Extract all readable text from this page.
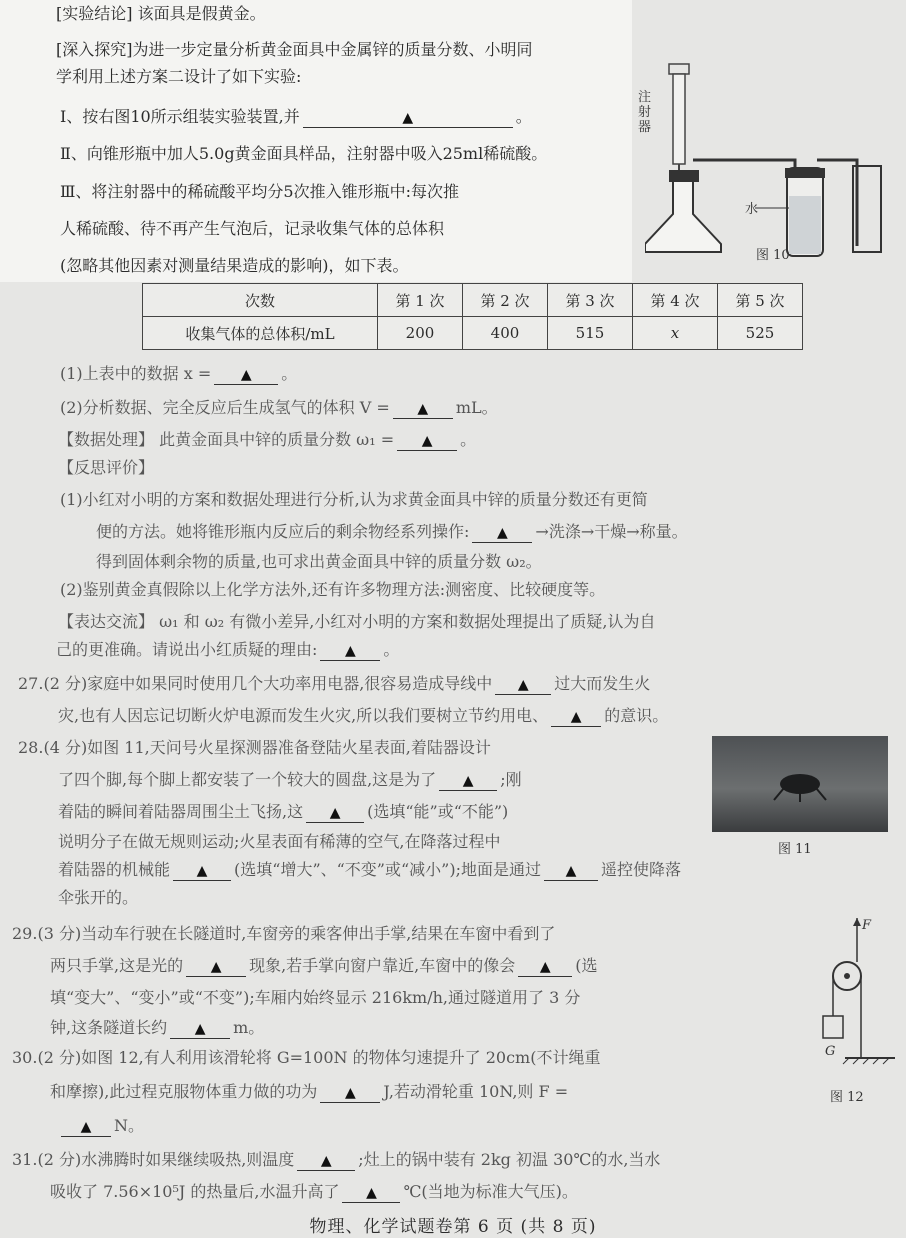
[实验结论] 该面具是假黄金。
[深入探究]为进一步定量分析黄金面具中金属锌的质量分数、小明同
学利用上述方案二设计了如下实验:
Ⅰ、按右图10所示组装实验装置,并	▲	。
Ⅱ、向锥形瓶中加人5.0g黄金面具样品，注射器中吸入25ml稀硫酸。
Ⅲ、将注射器中的稀硫酸平均分5次推入锥形瓶中:每次推
人稀硫酸、待不再产生气泡后，记录收集气体的总体积
(忽略其他因素对测量结果造成的影响)，如下表。
注射器
水
图 10
次数	第 1 次	第 2 次	第 3 次	第 4 次	第 5 次
收集气体的总体积/mL	200	400	515	x	525
(1)上表中的数据 x = ▲ 。
(2)分析数据、完全反应后生成氢气的体积 V = ▲ mL。
【数据处理】 此黄金面具中锌的质量分数 ω₁ = ▲ 。
【反思评价】
(1)小红对小明的方案和数据处理进行分析,认为求黄金面具中锌的质量分数还有更简
便的方法。她将锥形瓶内反应后的剩余物经系列操作: ▲ →洗涤→干燥→称量。
得到固体剩余物的质量,也可求出黄金面具中锌的质量分数 ω₂。
(2)鉴别黄金真假除以上化学方法外,还有许多物理方法:测密度、比较硬度等。
【表达交流】 ω₁ 和 ω₂ 有微小差异,小红对小明的方案和数据处理提出了质疑,认为自
己的更准确。请说出小红质疑的理由: ▲ 。
27.(2 分)家庭中如果同时使用几个大功率用电器,很容易造成导线中 ▲ 过大而发生火
灾,也有人因忘记切断火炉电源而发生火灾,所以我们要树立节约用电、 ▲ 的意识。
28.(4 分)如图 11,天问号火星探测器准备登陆火星表面,着陆器设计
了四个脚,每个脚上都安装了一个较大的圆盘,这是为了 ▲ ;刚
着陆的瞬间着陆器周围尘土飞扬,这 ▲ (选填“能”或“不能”)
说明分子在做无规则运动;火星表面有稀薄的空气,在降落过程中
着陆器的机械能 ▲ (选填“增大”、“不变”或“减小”);地面是通过 ▲ 遥控使降落
伞张开的。
图 11
29.(3 分)当动车行驶在长隧道时,车窗旁的乘客伸出手掌,结果在车窗中看到了
两只手掌,这是光的 ▲ 现象,若手掌向窗户靠近,车窗中的像会 ▲ (选
填“变大”、“变小”或“不变”);车厢内始终显示 216km/h,通过隧道用了 3 分
钟,这条隧道长约 ▲ m。
30.(2 分)如图 12,有人利用该滑轮将 G=100N 的物体匀速提升了 20cm(不计绳重
和摩擦),此过程克服物体重力做的功为 ▲ J,若动滑轮重 10N,则 F =
▲ N。
F
G
图 12
31.(2 分)水沸腾时如果继续吸热,则温度 ▲ ;灶上的锅中装有 2kg 初温 30℃的水,当水
吸收了 7.56×10⁵J 的热量后,水温升高了 ▲ ℃(当地为标准大气压)。
物理、化学试题卷第 6 页 (共 8 页)
